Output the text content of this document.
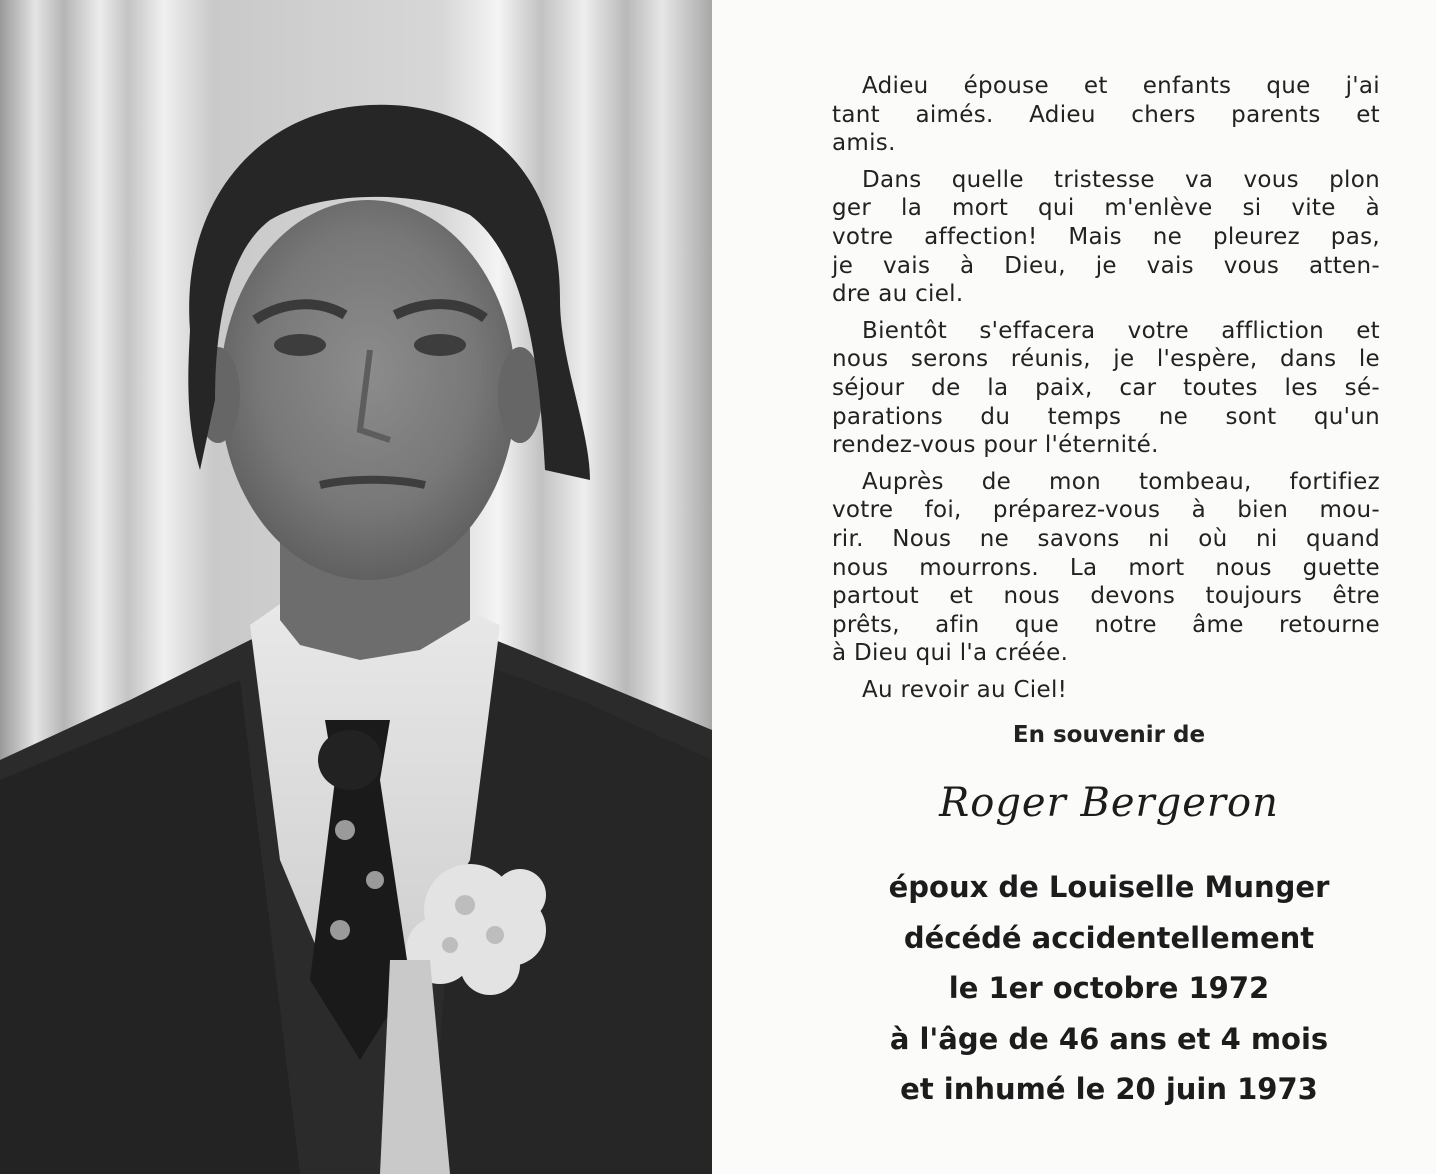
Adieu épouse et enfants que j'ai
tant aimés. Adieu chers parents et
amis.
Dans quelle tristesse va vous plon
ger la mort qui m'enlève si vite à
votre affection! Mais ne pleurez pas,
je vais à Dieu, je vais vous atten-
dre au ciel.
Bientôt s'effacera votre affliction et
nous serons réunis, je l'espère, dans le
séjour de la paix, car toutes les sé-
parations du temps ne sont qu'un
rendez-vous pour l'éternité.
Auprès de mon tombeau, fortifiez
votre foi, préparez-vous à bien mou-
rir. Nous ne savons ni où ni quand
nous mourrons. La mort nous guette
partout et nous devons toujours être
prêts, afin que notre âme retourne
à Dieu qui l'a créée.
Au revoir au Ciel!
En souvenir de
Roger Bergeron
époux de Louiselle Munger
décédé accidentellement
le 1er octobre 1972
à l'âge de 46 ans et 4 mois
et inhumé le 20 juin 1973
